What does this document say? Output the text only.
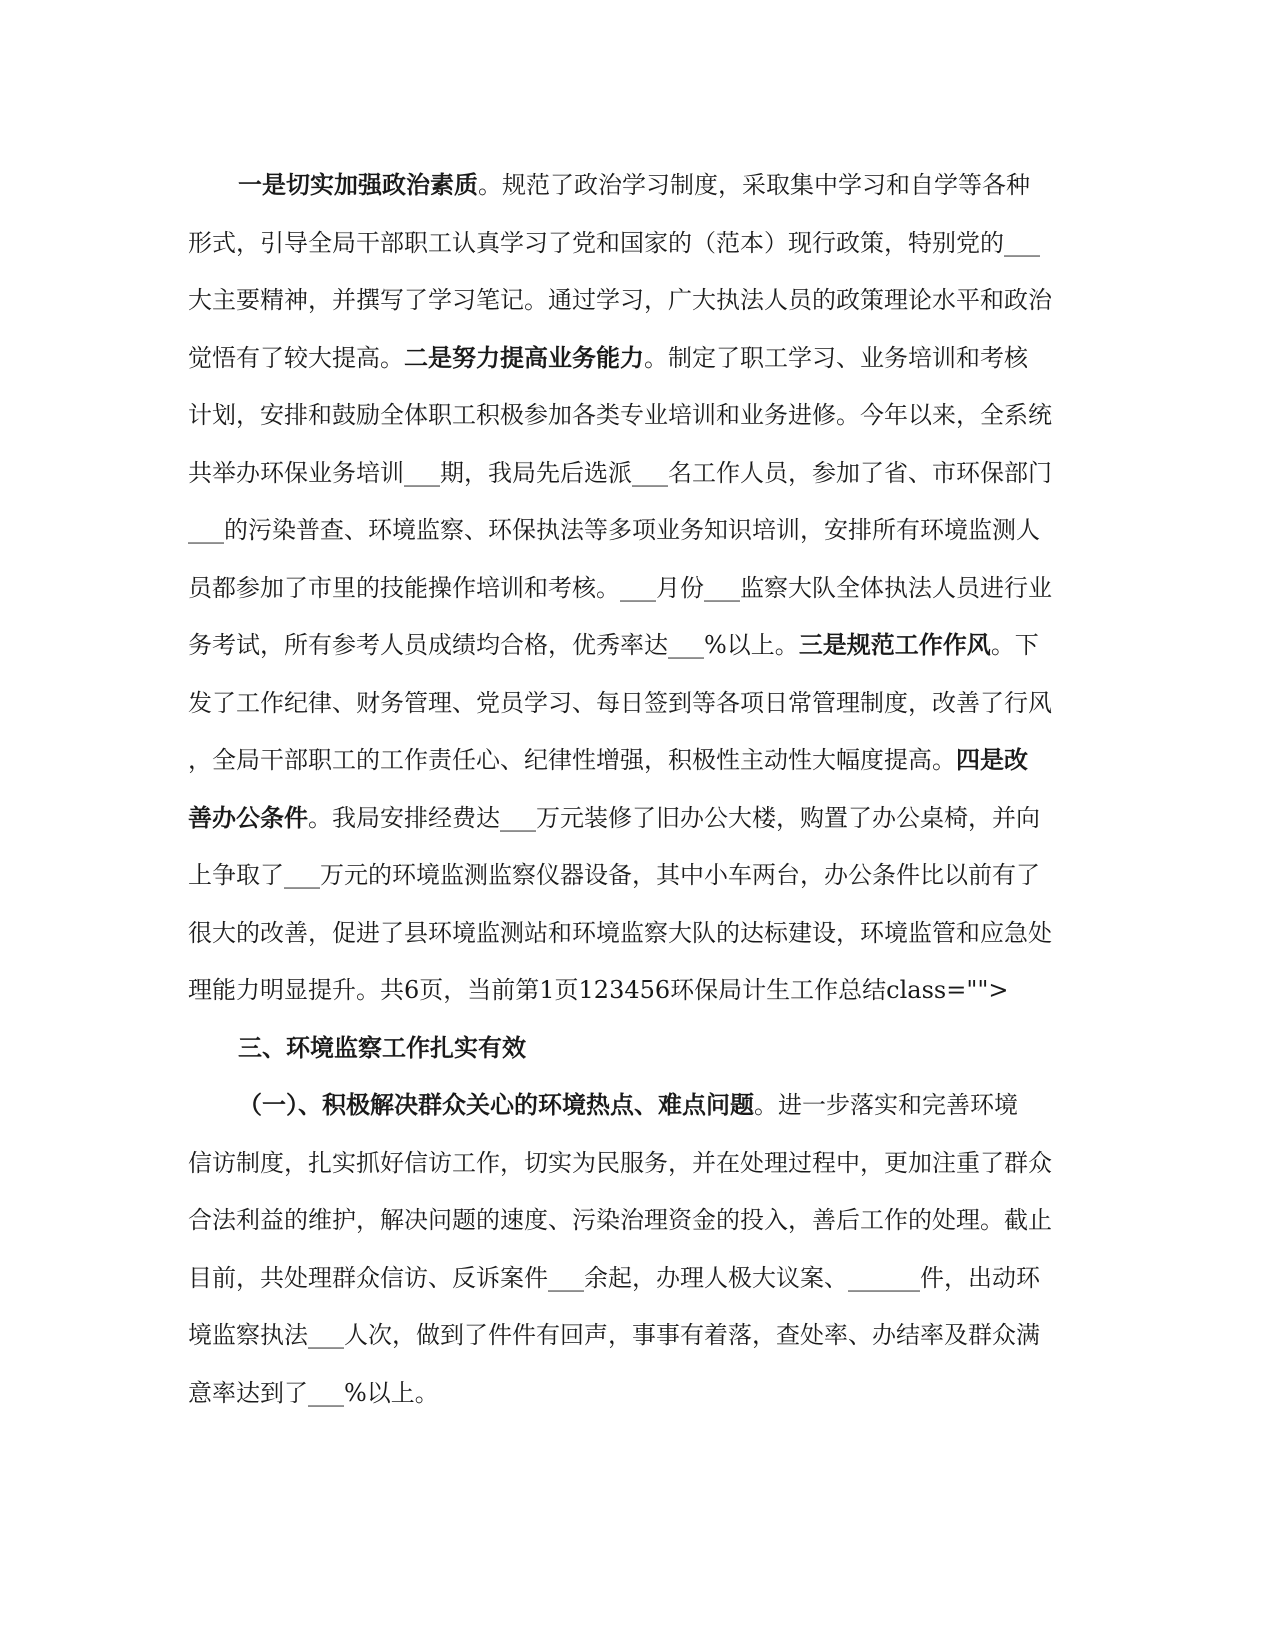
一是切实加强政治素质。规范了政治学习制度，采取集中学习和自学等各种
形式，引导全局干部职工认真学习了党和国家的（范本）现行政策，特别党的___
大主要精神，并撰写了学习笔记。通过学习，广大执法人员的政策理论水平和政治
觉悟有了较大提高。二是努力提高业务能力。制定了职工学习、业务培训和考核
计划，安排和鼓励全体职工积极参加各类专业培训和业务进修。今年以来，全系统
共举办环保业务培训___期，我局先后选派___名工作人员，参加了省、市环保部门
___的污染普查、环境监察、环保执法等多项业务知识培训，安排所有环境监测人
员都参加了市里的技能操作培训和考核。___月份___监察大队全体执法人员进行业
务考试，所有参考人员成绩均合格，优秀率达___%以上。三是规范工作作风。下
发了工作纪律、财务管理、党员学习、每日签到等各项日常管理制度，改善了行风
，全局干部职工的工作责任心、纪律性增强，积极性主动性大幅度提高。四是改
善办公条件。我局安排经费达___万元装修了旧办公大楼，购置了办公桌椅，并向
上争取了___万元的环境监测监察仪器设备，其中小车两台，办公条件比以前有了
很大的改善，促进了县环境监测站和环境监察大队的达标建设，环境监管和应急处
理能力明显提升。共6页，当前第1页123456环保局计生工作总结class="">
三、环境监察工作扎实有效
（一）、积极解决群众关心的环境热点、难点问题。进一步落实和完善环境
信访制度，扎实抓好信访工作，切实为民服务，并在处理过程中，更加注重了群众
合法利益的维护，解决问题的速度、污染治理资金的投入，善后工作的处理。截止
目前，共处理群众信访、反诉案件___余起，办理人极大议案、______件，出动环
境监察执法___人次，做到了件件有回声，事事有着落，查处率、办结率及群众满
意率达到了___%以上。
